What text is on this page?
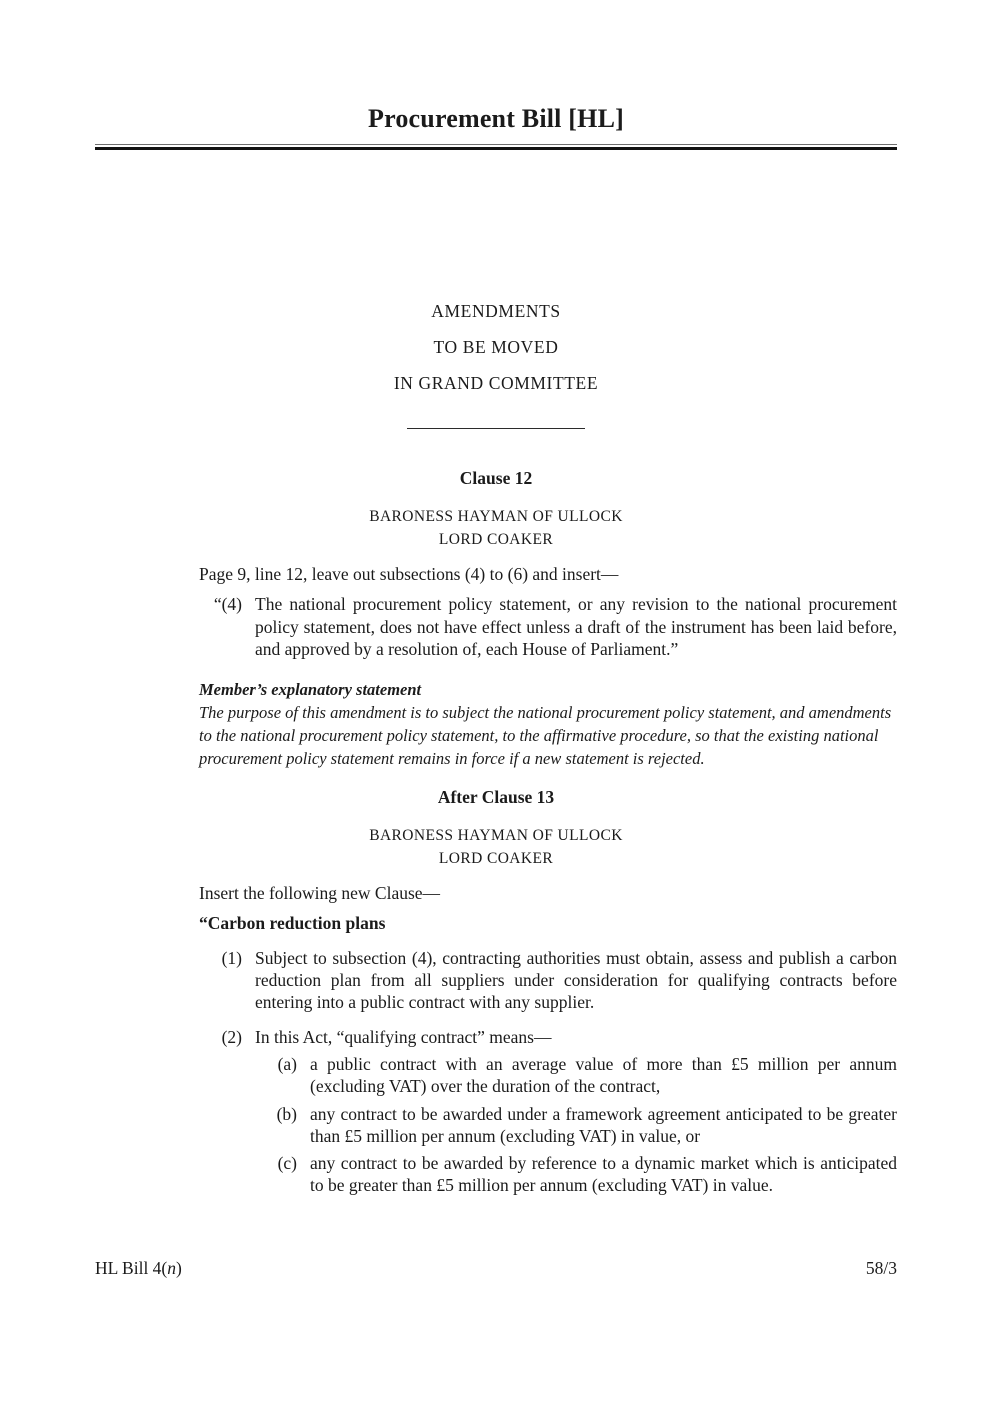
Procurement Bill [HL]
AMENDMENTS
TO BE MOVED
IN GRAND COMMITTEE
Clause 12
BARONESS HAYMAN OF ULLOCK
LORD COAKER

Page 9, line 12, leave out subsections (4) to (6) and insert—

“(4) The national procurement policy statement, or any revision to the national procurement policy statement, does not have effect unless a draft of the instrument has been laid before, and approved by a resolution of, each House of Parliament.”

Member’s explanatory statement

The purpose of this amendment is to subject the national procurement policy statement, and amendments to the national procurement policy statement, to the affirmative procedure, so that the existing national procurement policy statement remains in force if a new statement is rejected.

After Clause 13
BARONESS HAYMAN OF ULLOCK
LORD COAKER

Insert the following new Clause—

“Carbon reduction plans

(1) Subject to subsection (4), contracting authorities must obtain, assess and publish a carbon reduction plan from all suppliers under consideration for qualifying contracts before entering into a public contract with any supplier.
(2) In this Act, “qualifying contract” means—
(a) a public contract with an average value of more than £5 million per annum (excluding VAT) over the duration of the contract,
(b) any contract to be awarded under a framework agreement anticipated to be greater than £5 million per annum (excluding VAT) in value, or
(c) any contract to be awarded by reference to a dynamic market which is anticipated to be greater than £5 million per annum (excluding VAT) in value.
HL Bill 4(n)	58/3
